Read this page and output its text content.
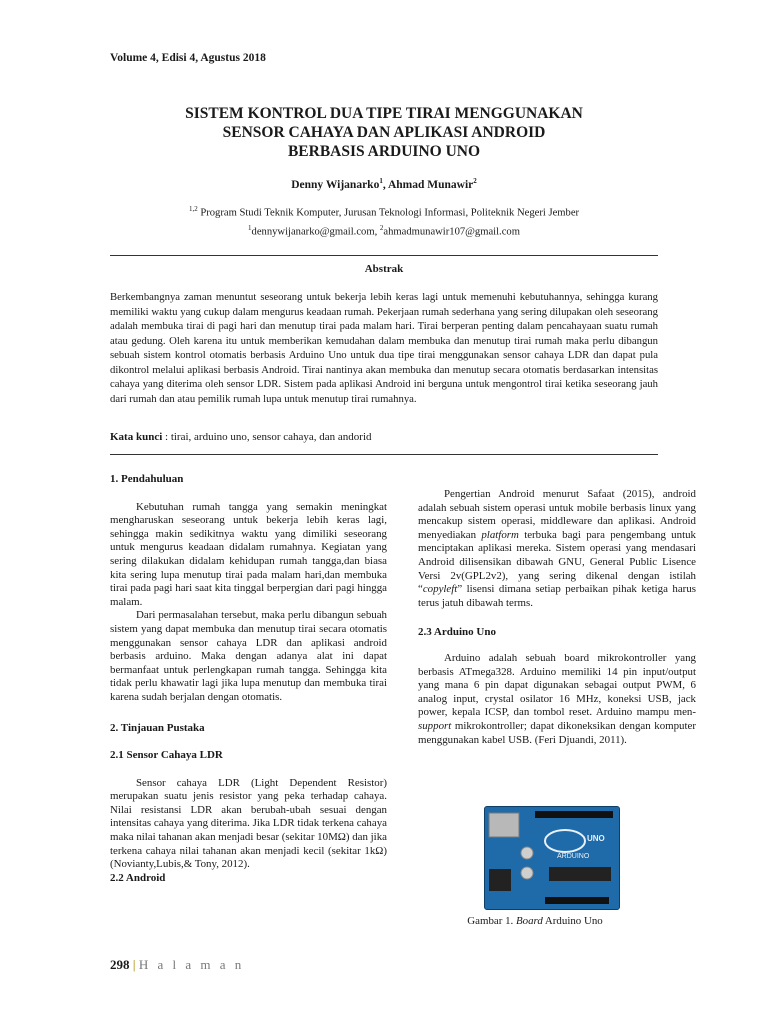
Volume 4, Edisi 4, Agustus 2018
SISTEM KONTROL DUA TIPE TIRAI MENGGUNAKAN
SENSOR CAHAYA DAN APLIKASI ANDROID
BERBASIS ARDUINO UNO
Denny Wijanarko$^1$, Ahmad Munawir$^2$
$^{1,2}$ Program Studi Teknik Komputer, Jurusan Teknologi Informasi, Politeknik Negeri Jember
$^1$dennywijanarko@gmail.com, $^2$ahmadmunawir107@gmail.com
Abstrak
Berkembangnya zaman menuntut seseorang untuk bekerja lebih keras lagi untuk memenuhi kebutuhannya, sehingga kurang memiliki waktu yang cukup dalam mengurus keadaan rumah. Pekerjaan rumah sederhana yang sering dilupakan oleh seseorang adalah membuka tirai di pagi hari dan menutup tirai pada malam hari. Tirai berperan penting dalam pencahayaan suatu rumah atau gedung. Oleh karena itu untuk memberikan kemudahan dalam membuka dan menutup tirai rumah maka perlu dibangun sebuah sistem kontrol otomatis berbasis Arduino Uno untuk dua tipe tirai menggunakan sensor cahaya LDR dan dapat pula dikontrol melalui aplikasi berbasis Android. Tirai nantinya akan membuka dan menutup secara otomatis berdasarkan intensitas cahaya yang diterima oleh sensor LDR. Sistem pada aplikasi Android ini berguna untuk mengontrol tirai ketika seseorang jauh dari rumah dan atau pemilik rumah lupa untuk menutup tirai rumahnya.
Kata kunci : tirai, arduino uno, sensor cahaya, dan andorid

1. Pendahuluan

Kebutuhan rumah tangga yang semakin meningkat mengharuskan seseorang untuk bekerja lebih keras lagi, sehingga makin sedikitnya waktu yang dimiliki seseorang untuk mengurus keadaan didalam rumahnya. Kegiatan yang sering dilakukan didalam kehidupan rumah tangga,dan biasa kita sering lupa menutup tirai pada malam hari,dan membuka tirai pada pagi hari saat kita tinggal berpergian dari pagi hingga malam.

Dari permasalahan tersebut, maka perlu dibangun sebuah sistem yang dapat membuka dan menutup tirai secara otomatis menggunakan sensor cahaya LDR dan aplikasi android berbasis arduino. Maka dengan adanya alat ini dapat bermanfaat untuk perlengkapan rumah tangga. Sehingga kita tidak perlu khawatir lagi jika lupa menutup dan membuka tirai karena sudah berjalan dengan otomatis.

2. Tinjauan Pustaka

2.1 Sensor Cahaya LDR

Sensor cahaya LDR (Light Dependent Resistor) merupakan suatu jenis resistor yang peka terhadap cahaya. Nilai resistansi LDR akan berubah-ubah sesuai dengan intensitas cahaya yang diterima. Jika LDR tidak terkena cahaya maka nilai tahanan akan menjadi besar (sekitar 10MΩ) dan jika terkena cahaya nilai tahanan akan menjadi kecil (sekitar 1kΩ) (Novianty,Lubis,& Tony, 2012).

2.2 Android

Pengertian Android menurut Safaat (2015), android adalah sebuah sistem operasi untuk mobile berbasis linux yang mencakup sistem operasi, middleware dan aplikasi. Android menyediakan platform terbuka bagi para pengembang untuk menciptakan aplikasi mereka. Sistem operasi yang mendasari Android dilisensikan dibawah GNU, General Public Lisence Versi 2v(GPL2v2), yang sering dikenal dengan istilah “copyleft” lisensi dimana setiap perbaikan pihak ketiga harus terus jatuh dibawah terms.

2.3 Arduino Uno

Arduino adalah sebuah board mikrokontroller yang berbasis ATmega328. Arduino memiliki 14 pin input/output yang mana 6 pin dapat digunakan sebagai output PWM, 6 analog input, crystal osilator 16 MHz, koneksi USB, jack power, kepala ICSP, dan tombol reset. Arduino mampu men-support mikrokontroller; dapat dikoneksikan dengan komputer menggunakan kabel USB. (Feri Djuandi, 2011).

ARDUINO
UNO
Gambar 1. Board Arduino Uno
298 | H a l a m a n
